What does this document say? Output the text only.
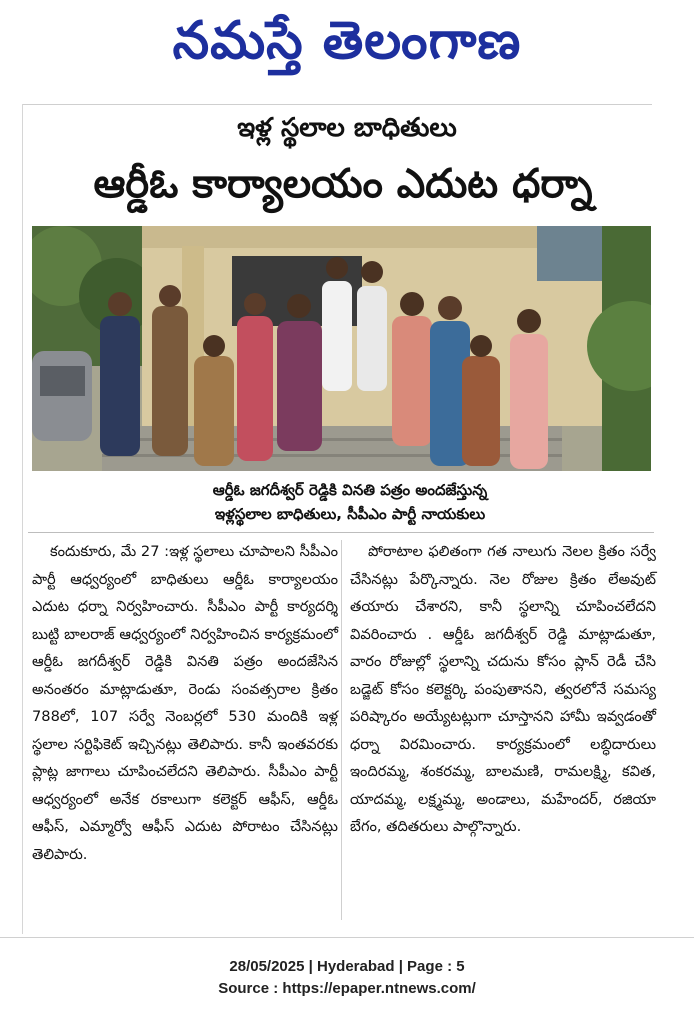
నమస్తే తెలంగాణ
ఇళ్ల స్థలాల బాధితులు
ఆర్డీఓ కార్యాలయం ఎదుట ధర్నా
ఆర్డీఓ జగదీశ్వర్ రెడ్డికి వినతి పత్రం అందజేస్తున్న
ఇళ్లస్థలాల బాధితులు, సీపీఎం పార్టీ నాయకులు

కందుకూరు, మే 27 :ఇళ్ల స్థలాలు చూపాలని సీపీఎం పార్టీ ఆధ్వర్యంలో బాధితులు ఆర్డీఓ కార్యాలయం ఎదుట ధర్నా నిర్వహించారు. సీపీఎం పార్టీ కార్యదర్శి బుట్టి బాలరాజ్ ఆధ్వర్యంలో నిర్వహించిన కార్యక్రమంలో ఆర్డీఓ జగదీశ్వర్ రెడ్డికి వినతి పత్రం అందజేసిన అనంతరం మాట్లాడుతూ, రెండు సంవత్సరాల క్రితం 788లో, 107 సర్వే నెంబర్లలో 530 మందికి ఇళ్ల స్థలాల సర్టిఫికెట్ ఇచ్చినట్లు తెలిపారు. కానీ ఇంతవరకు ప్లాట్ల జాగాలు చూపించలేదని తెలిపారు. సీపీఎం పార్టీ ఆధ్వర్యంలో అనేక రకాలుగా కలెక్టర్ ఆఫీస్, ఆర్డీఓ ఆఫీస్, ఎమ్మార్వో ఆఫీస్ ఎదుట పోరాటం చేసినట్లు తెలిపారు.

పోరాటాల ఫలితంగా గత నాలుగు నెలల క్రితం సర్వే చేసినట్లు పేర్కొన్నారు. నెల రోజుల క్రితం లేఅవుట్ తయారు చేశారని, కానీ స్థలాన్ని చూపించలేదని వివరించారు . ఆర్డీఓ జగదీశ్వర్ రెడ్డి మాట్లాడుతూ, వారం రోజుల్లో స్థలాన్ని చదును కోసం ప్లాన్ రెడీ చేసి బడ్జెట్ కోసం కలెక్టర్కి పంపుతానని, త్వరలోనే సమస్య పరిష్కారం అయ్యేటట్లుగా చూస్తానని హామీ ఇవ్వడంతో ధర్నా విరమించారు. కార్యక్రమంలో లబ్ధిదారులు ఇందిరమ్మ, శంకరమ్మ, బాలమణి, రామలక్ష్మి, కవిత, యాదమ్మ, లక్ష్మమ్మ, అండాలు, మహేందర్, రజియా బేగం, తదితరులు పాల్గొన్నారు.

28/05/2025 | Hyderabad | Page : 5
Source : https://epaper.ntnews.com/
